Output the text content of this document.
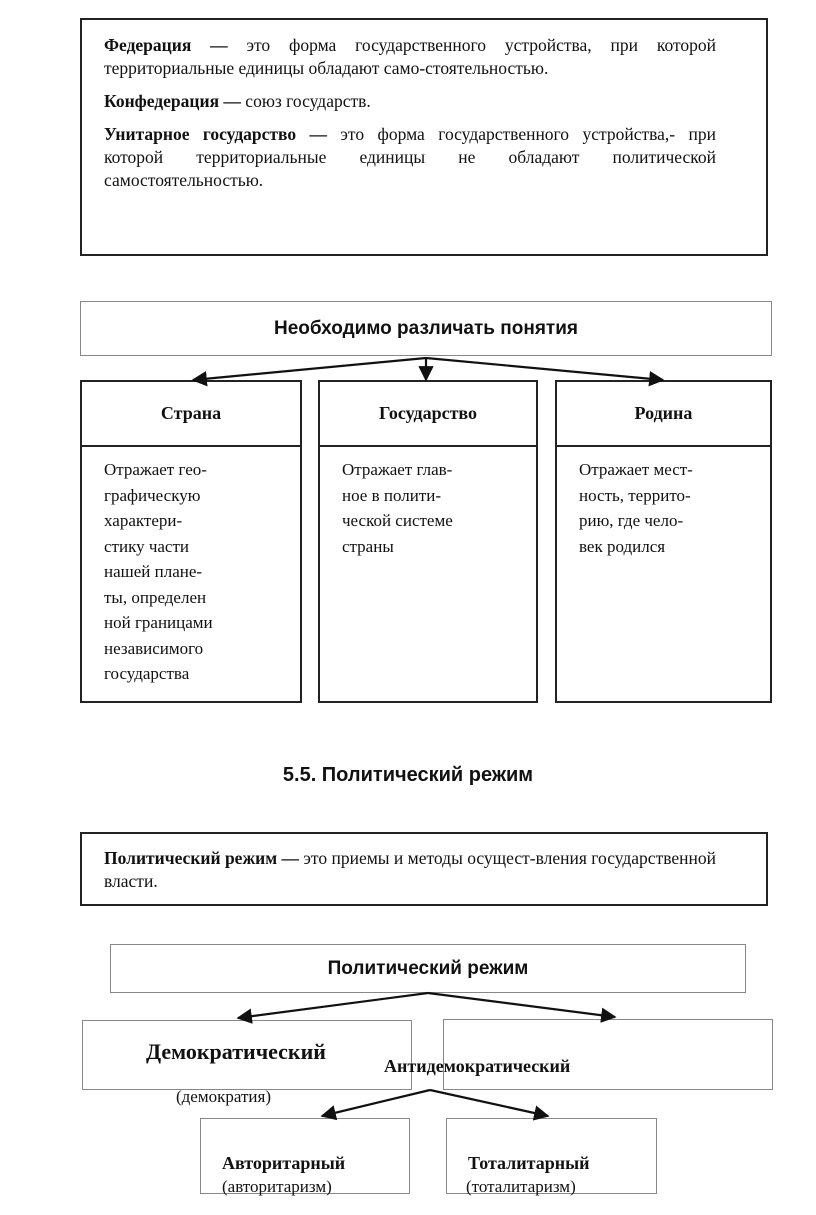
Федерация — это форма государственного устройства, при которой территориальные единицы обладают само-стоятельностью.

Конфедерация — союз государств.

Унитарное государство — это форма государственного устройства,- при которой территориальные единицы не обладают политической самостоятельностью.

Необходимо различать понятия
Страна
Отражает гео-
графическую
характери-
стику части
нашей плане-
ты, определен
ной границами
независимого
государства
Государство
Отражает глав-
ное в полити-
ческой системе
страны
Родина
Отражает мест-
ность, террито-
рию, где чело-
век родился
5.5. Политический режим

Политический режим — это приемы и методы осущест-вления государственной власти.

Политический режим
Демократический
(демократия)
Антидемократический
Авторитарный
(авторитаризм)
Тоталитарный
(тоталитаризм)
